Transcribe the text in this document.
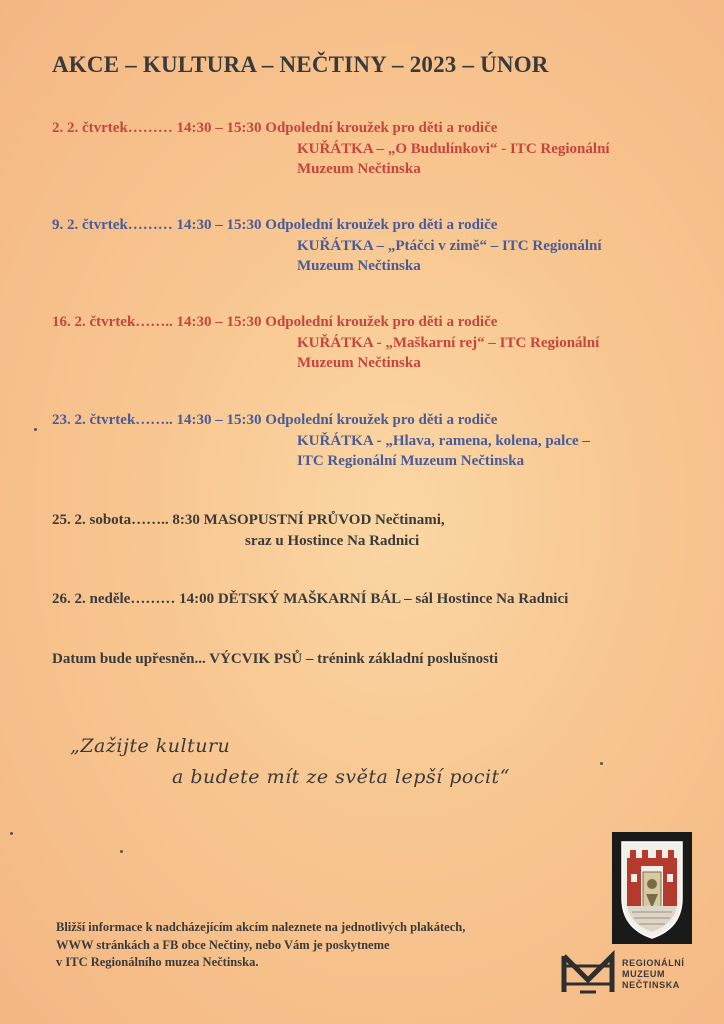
AKCE – KULTURA – NEČTINY – 2023 – ÚNOR
2. 2. čtvrtek……… 14:30 – 15:30 Odpolední kroužek pro děti a rodiče
KUŘÁTKA – „O Budulínkovi“ - ITC Regionální
Muzeum Nečtinska
9. 2. čtvrtek……… 14:30 – 15:30 Odpolední kroužek pro děti a rodiče
KUŘÁTKA – „Ptáčci v zimě“ – ITC Regionální
Muzeum Nečtinska
16. 2. čtvrtek…….. 14:30 – 15:30 Odpolední kroužek pro děti a rodiče
KUŘÁTKA - „Maškarní rej“ – ITC Regionální
Muzeum Nečtinska
23. 2. čtvrtek…….. 14:30 – 15:30 Odpolední kroužek pro děti a rodiče
KUŘÁTKA - „Hlava, ramena, kolena, palce –
ITC Regionální Muzeum Nečtinska
25. 2. sobota…….. 8:30 MASOPUSTNÍ PRŮVOD Nečtinami,

sraz u Hostince Na Radnici
26. 2. neděle……… 14:00 DĚTSKÝ MAŠKARNÍ BÁL – sál Hostince Na Radnici
Datum bude upřesněn... VÝCVIK PSŮ – trénink základní poslušnosti
„Zažijte kulturu
a budete mít ze světa lepší pocit“
Bližší informace k nadcházejícím akcím naleznete na jednotlivých plakátech,
WWW stránkách a FB obce Nečtiny, nebo Vám je poskytneme
v ITC Regionálního muzea Nečtinska.	REGIONÁLNÍ
MUZEUM
NEČTINSKA
